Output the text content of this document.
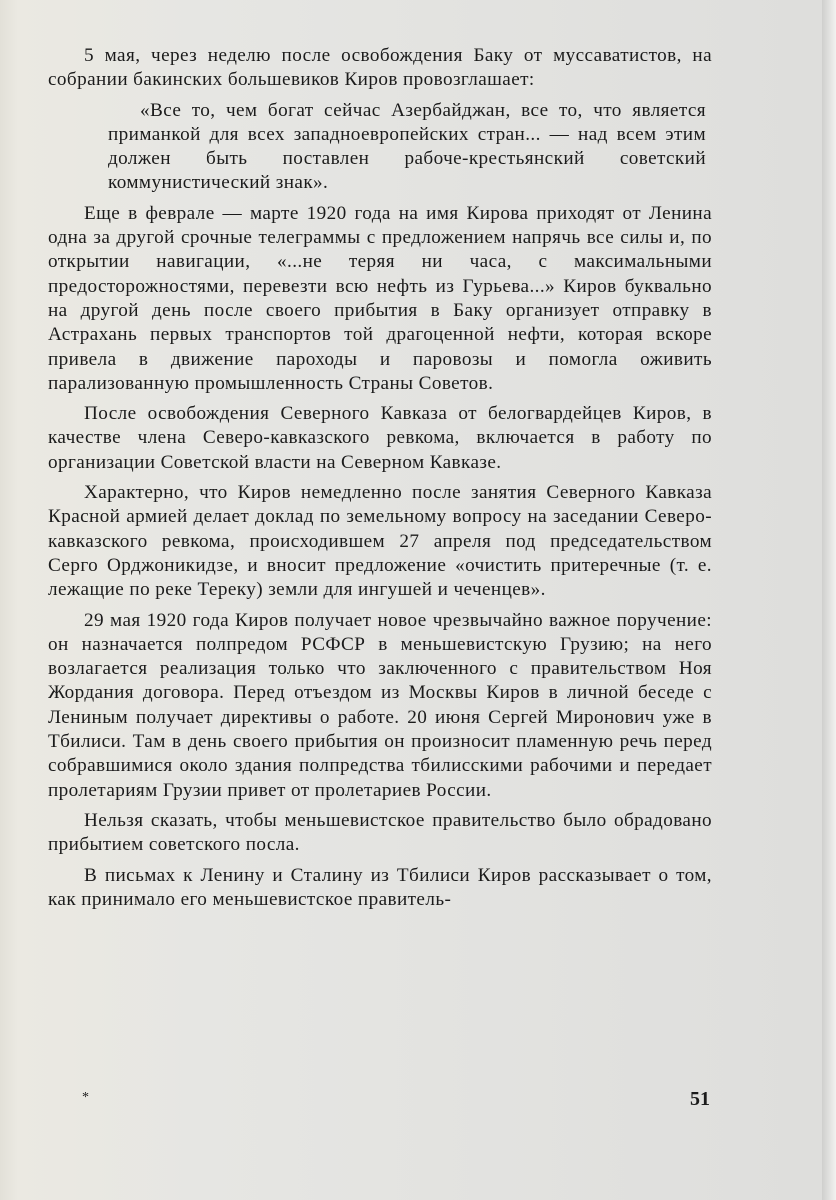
5 мая, через неделю после освобождения Баку от муссаватистов, на собрании бакинских большевиков Киров провозглашает:

«Все то, чем богат сейчас Азербайджан, все то, что является приманкой для всех западноевропейских стран... — над всем этим должен быть поставлен рабоче-крестьянский советский коммунистический знак».

Еще в феврале — марте 1920 года на имя Кирова приходят от Ленина одна за другой срочные телеграммы с предложением напрячь все силы и, по открытии навигации, «...не теряя ни часа, с максимальными предосторожностями, перевезти всю нефть из Гурьева...» Киров буквально на другой день после своего прибытия в Баку организует отправку в Астрахань первых транспортов той драгоценной нефти, которая вскоре привела в движение пароходы и паровозы и помогла оживить парализованную промышленность Страны Советов.

После освобождения Северного Кавказа от белогвардейцев Киров, в качестве члена Северо-кавказского ревкома, включается в работу по организации Советской власти на Северном Кавказе.

Характерно, что Киров немедленно после занятия Северного Кавказа Красной армией делает доклад по земельному вопросу на заседании Северо-кавказского ревкома, происходившем 27 апреля под председательством Серго Орджоникидзе, и вносит предложение «очистить притеречные (т. е. лежащие по реке Тереку) земли для ингушей и чеченцев».

29 мая 1920 года Киров получает новое чрезвычайно важное поручение: он назначается полпредом РСФСР в меньшевистскую Грузию; на него возлагается реализация только что заключенного с правительством Ноя Жордания договора. Перед отъездом из Москвы Киров в личной беседе с Лениным получает директивы о работе. 20 июня Сергей Миронович уже в Тбилиси. Там в день своего прибытия он произносит пламенную речь перед собравшимися около здания полпредства тбилисскими рабочими и передает пролетариям Грузии привет от пролетариев России.

Нельзя сказать, чтобы меньшевистское правительство было обрадовано прибытием советского посла.

В письмах к Ленину и Сталину из Тбилиси Киров рассказывает о том, как принимало его меньшевистское правитель-

*	51
